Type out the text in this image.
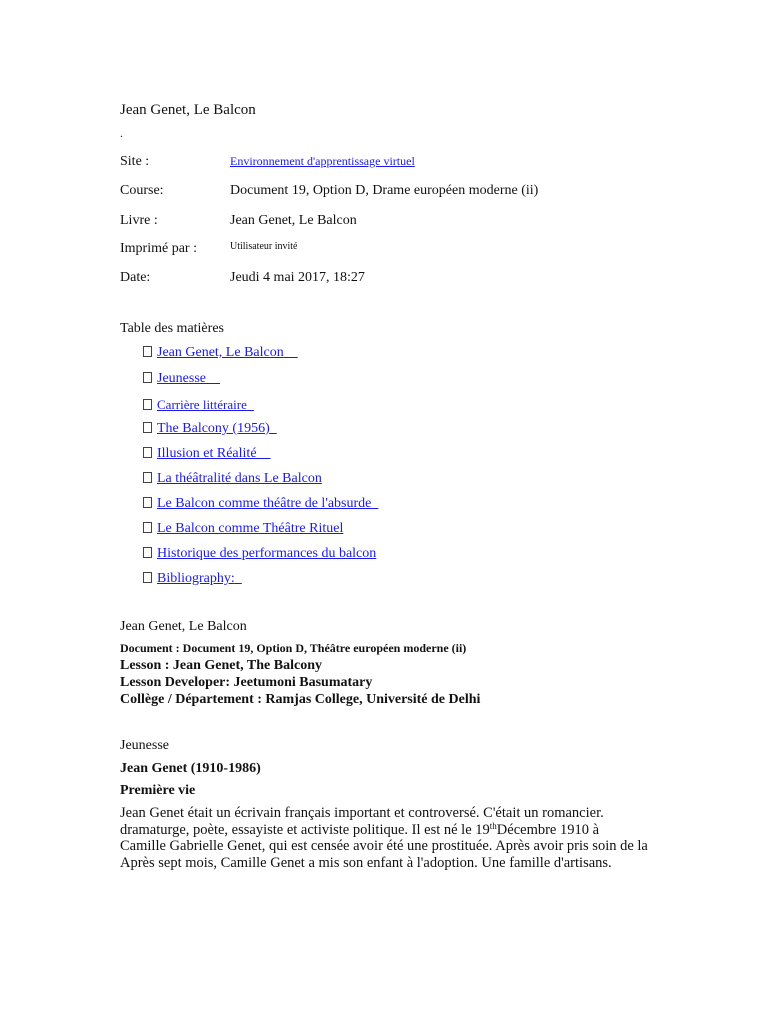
Jean Genet, Le Balcon
.
Site :	Environnement d'apprentissage virtuel
Course:	Document 19, Option D, Drame européen moderne (ii)
Livre :	Jean Genet, Le Balcon
Imprimé par :	Utilisateur invité
Date:	Jeudi 4 mai 2017, 18:27
Table des matières
Jean Genet, Le Balcon
Jeunesse
Carrière littéraire
The Balcony (1956)
Illusion et Réalité
La théâtralité dans Le Balcon
Le Balcon comme théâtre de l'absurde
Le Balcon comme Théâtre Rituel
Historique des performances du balcon
Bibliography:
Jean Genet, Le Balcon
Document : Document 19, Option D, Théâtre européen moderne (ii)
Lesson : Jean Genet, The Balcony
Lesson Developer: Jeetumoni Basumatary
Collège / Département : Ramjas College, Université de Delhi
Jeunesse
Jean Genet (1910-1986)
Première vie
Jean Genet était un écrivain français important et controversé. C'était un romancier.
dramaturge, poète, essayiste et activiste politique. Il est né le 19thDécembre 1910 à
Camille Gabrielle Genet, qui est censée avoir été une prostituée. Après avoir pris soin de la
Après sept mois, Camille Genet a mis son enfant à l'adoption. Une famille d'artisans.
